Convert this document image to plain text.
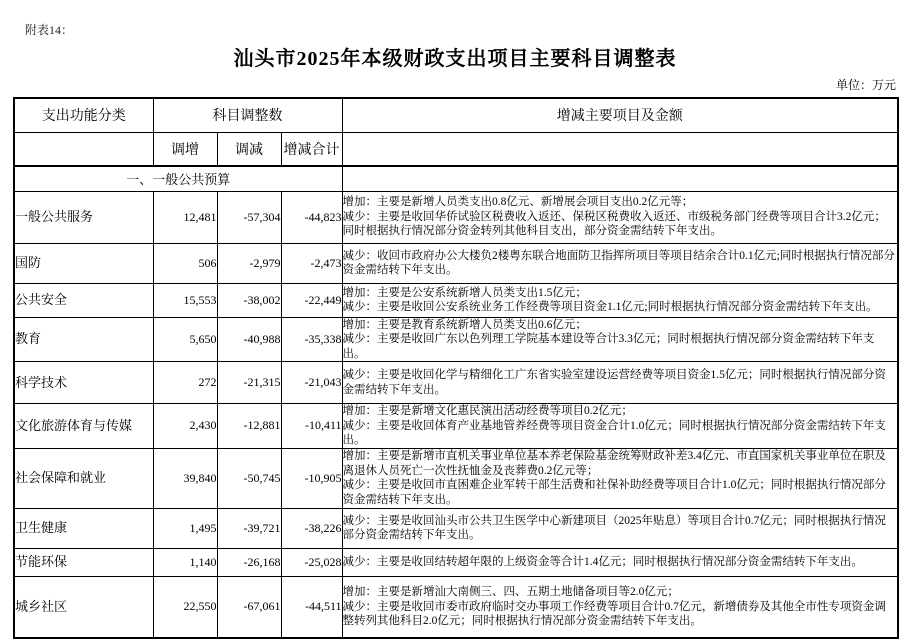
附表14：
汕头市2025年本级财政支出项目主要科目调整表
单位：万元
支出功能分类	科目调整数			增减主要项目及金额
	调增	调减	增减合计	
一、一般公共预算				
一般公共服务	12,481	-57,304	-44,823	增加：主要是新增人员类支出0.8亿元、新增展会项目支出0.2亿元等；
减少：主要是收回华侨试验区税费收入返还、保税区税费收入返还、市级税务部门经费等项目合计3.2亿元；同时根据执行情况部分资金转列其他科目支出，部分资金需结转下年支出。

国防	506	-2,979	-2,473	减少：收回市政府办公大楼负2楼粤东联合地面防卫指挥所项目等项目结余合计0.1亿元;同时根据执行情况部分资金需结转下年支出。

公共安全	15,553	-38,002	-22,449	增加：主要是公安系统新增人员类支出1.5亿元；
减少：主要是收回公安系统业务工作经费等项目资金1.1亿元;同时根据执行情况部分资金需结转下年支出。

教育	5,650	-40,988	-35,338	增加：主要是教育系统新增人员类支出0.6亿元；
减少：主要是收回广东以色列理工学院基本建设等合计3.3亿元；同时根据执行情况部分资金需结转下年支出。

科学技术	272	-21,315	-21,043	减少：主要是收回化学与精细化工广东省实验室建设运营经费等项目资金1.5亿元；同时根据执行情况部分资金需结转下年支出。

文化旅游体育与传媒	2,430	-12,881	-10,411	增加：主要是新增文化惠民演出活动经费等项目0.2亿元；
减少：主要是收回体育产业基地管养经费等项目资金合计1.0亿元；同时根据执行情况部分资金需结转下年支出。

社会保障和就业	39,840	-50,745	-10,905	增加：主要是新增市直机关事业单位基本养老保险基金统筹财政补差3.4亿元、市直国家机关事业单位在职及离退休人员死亡一次性抚恤金及丧葬费0.2亿元等；
减少：主要是收回市直困难企业军转干部生活费和社保补助经费等项目合计1.0亿元；同时根据执行情况部分资金需结转下年支出。

卫生健康	1,495	-39,721	-38,226	减少：主要是收回汕头市公共卫生医学中心新建项目（2025年贴息）等项目合计0.7亿元；同时根据执行情况部分资金需结转下年支出。

节能环保	1,140	-26,168	-25,028	减少：主要是收回结转超年限的上级资金等合计1.4亿元；同时根据执行情况部分资金需结转下年支出。

城乡社区	22,550	-67,061	-44,511	增加：主要是新增汕大南侧三、四、五期土地储备项目等2.0亿元；
减少：主要是收回市委市政府临时交办事项工作经费等项目合计0.7亿元，新增债券及其他全市性专项资金调整转列其他科目2.0亿元；同时根据执行情况部分资金需结转下年支出。
